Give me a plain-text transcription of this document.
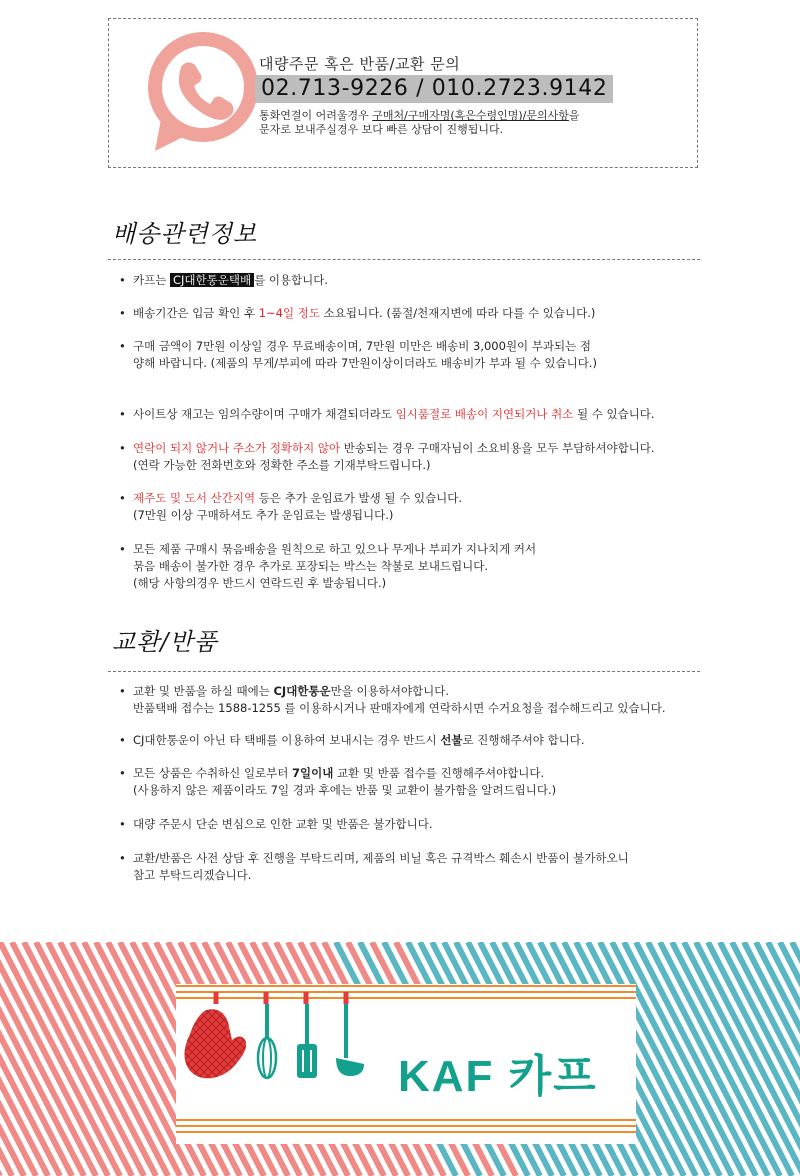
대량주문 혹은 반품/교환 문의
02.713-9226 / 010.2723.9142
통화연결이 어려울경우 구매처/구매자명(혹은수령인명)/문의사항을
문자로 보내주실경우 보다 빠른 상담이 진행됩니다.
배송관련정보
• 카프는 CJ대한통운택배 를 이용합니다.
• 배송기간은 입금 확인 후 1~4일 정도 소요됩니다. (품절/천재지변에 따라 다를 수 있습니다.)
• 구매 금액이 7만원 이상일 경우 무료배송이며, 7만원 미만은 배송비 3,000원이 부과되는 점
양해 바랍니다. (제품의 무게/부피에 따라 7만원이상이더라도 배송비가 부과 될 수 있습니다.)
• 사이트상 재고는 임의수량이며 구매가 채결되더라도 임시품절로 배송이 지연되거나 취소 될 수 있습니다.
• 연락이 되지 않거나 주소가 정확하지 않아 반송되는 경우 구매자님이 소요비용을 모두 부담하셔야합니다.
(연락 가능한 전화번호와 정확한 주소를 기재부탁드립니다.)
• 제주도 및 도서 산간지역 등은 추가 운임료가 발생 될 수 있습니다.
(7만원 이상 구매하셔도 추가 운임료는 발생됩니다.)
• 모든 제품 구매시 묶음배송을 원칙으로 하고 있으나 무게나 부피가 지나치게 커서
묶음 배송이 불가한 경우 추가로 포장되는 박스는 착불로 보내드립니다.
(해당 사항의경우 반드시 연락드린 후 발송됩니다.)
교환/반품
• 교환 및 반품을 하실 때에는 CJ대한통운만을 이용하셔야합니다.
반품택배 접수는 1588-1255 를 이용하시거나 판매자에게 연락하시면 수거요청을 접수해드리고 있습니다.
• CJ대한통운이 아닌 타 택배를 이용하여 보내시는 경우 반드시 선불로 진행해주셔야 합니다.
• 모든 상품은 수취하신 일로부터 7일이내 교환 및 반품 접수를 진행해주셔야합니다.
(사용하지 않은 제품이라도 7일 경과 후에는 반품 및 교환이 불가함을 알려드립니다.)
• 대량 주문시 단순 변심으로 인한 교환 및 반품은 불가합니다.
• 교환/반품은 사전 상담 후 진행을 부탁드리며, 제품의 비닐 혹은 규격박스 훼손시 반품이 불가하오니
참고 부탁드리겠습니다.
KAF 카프
